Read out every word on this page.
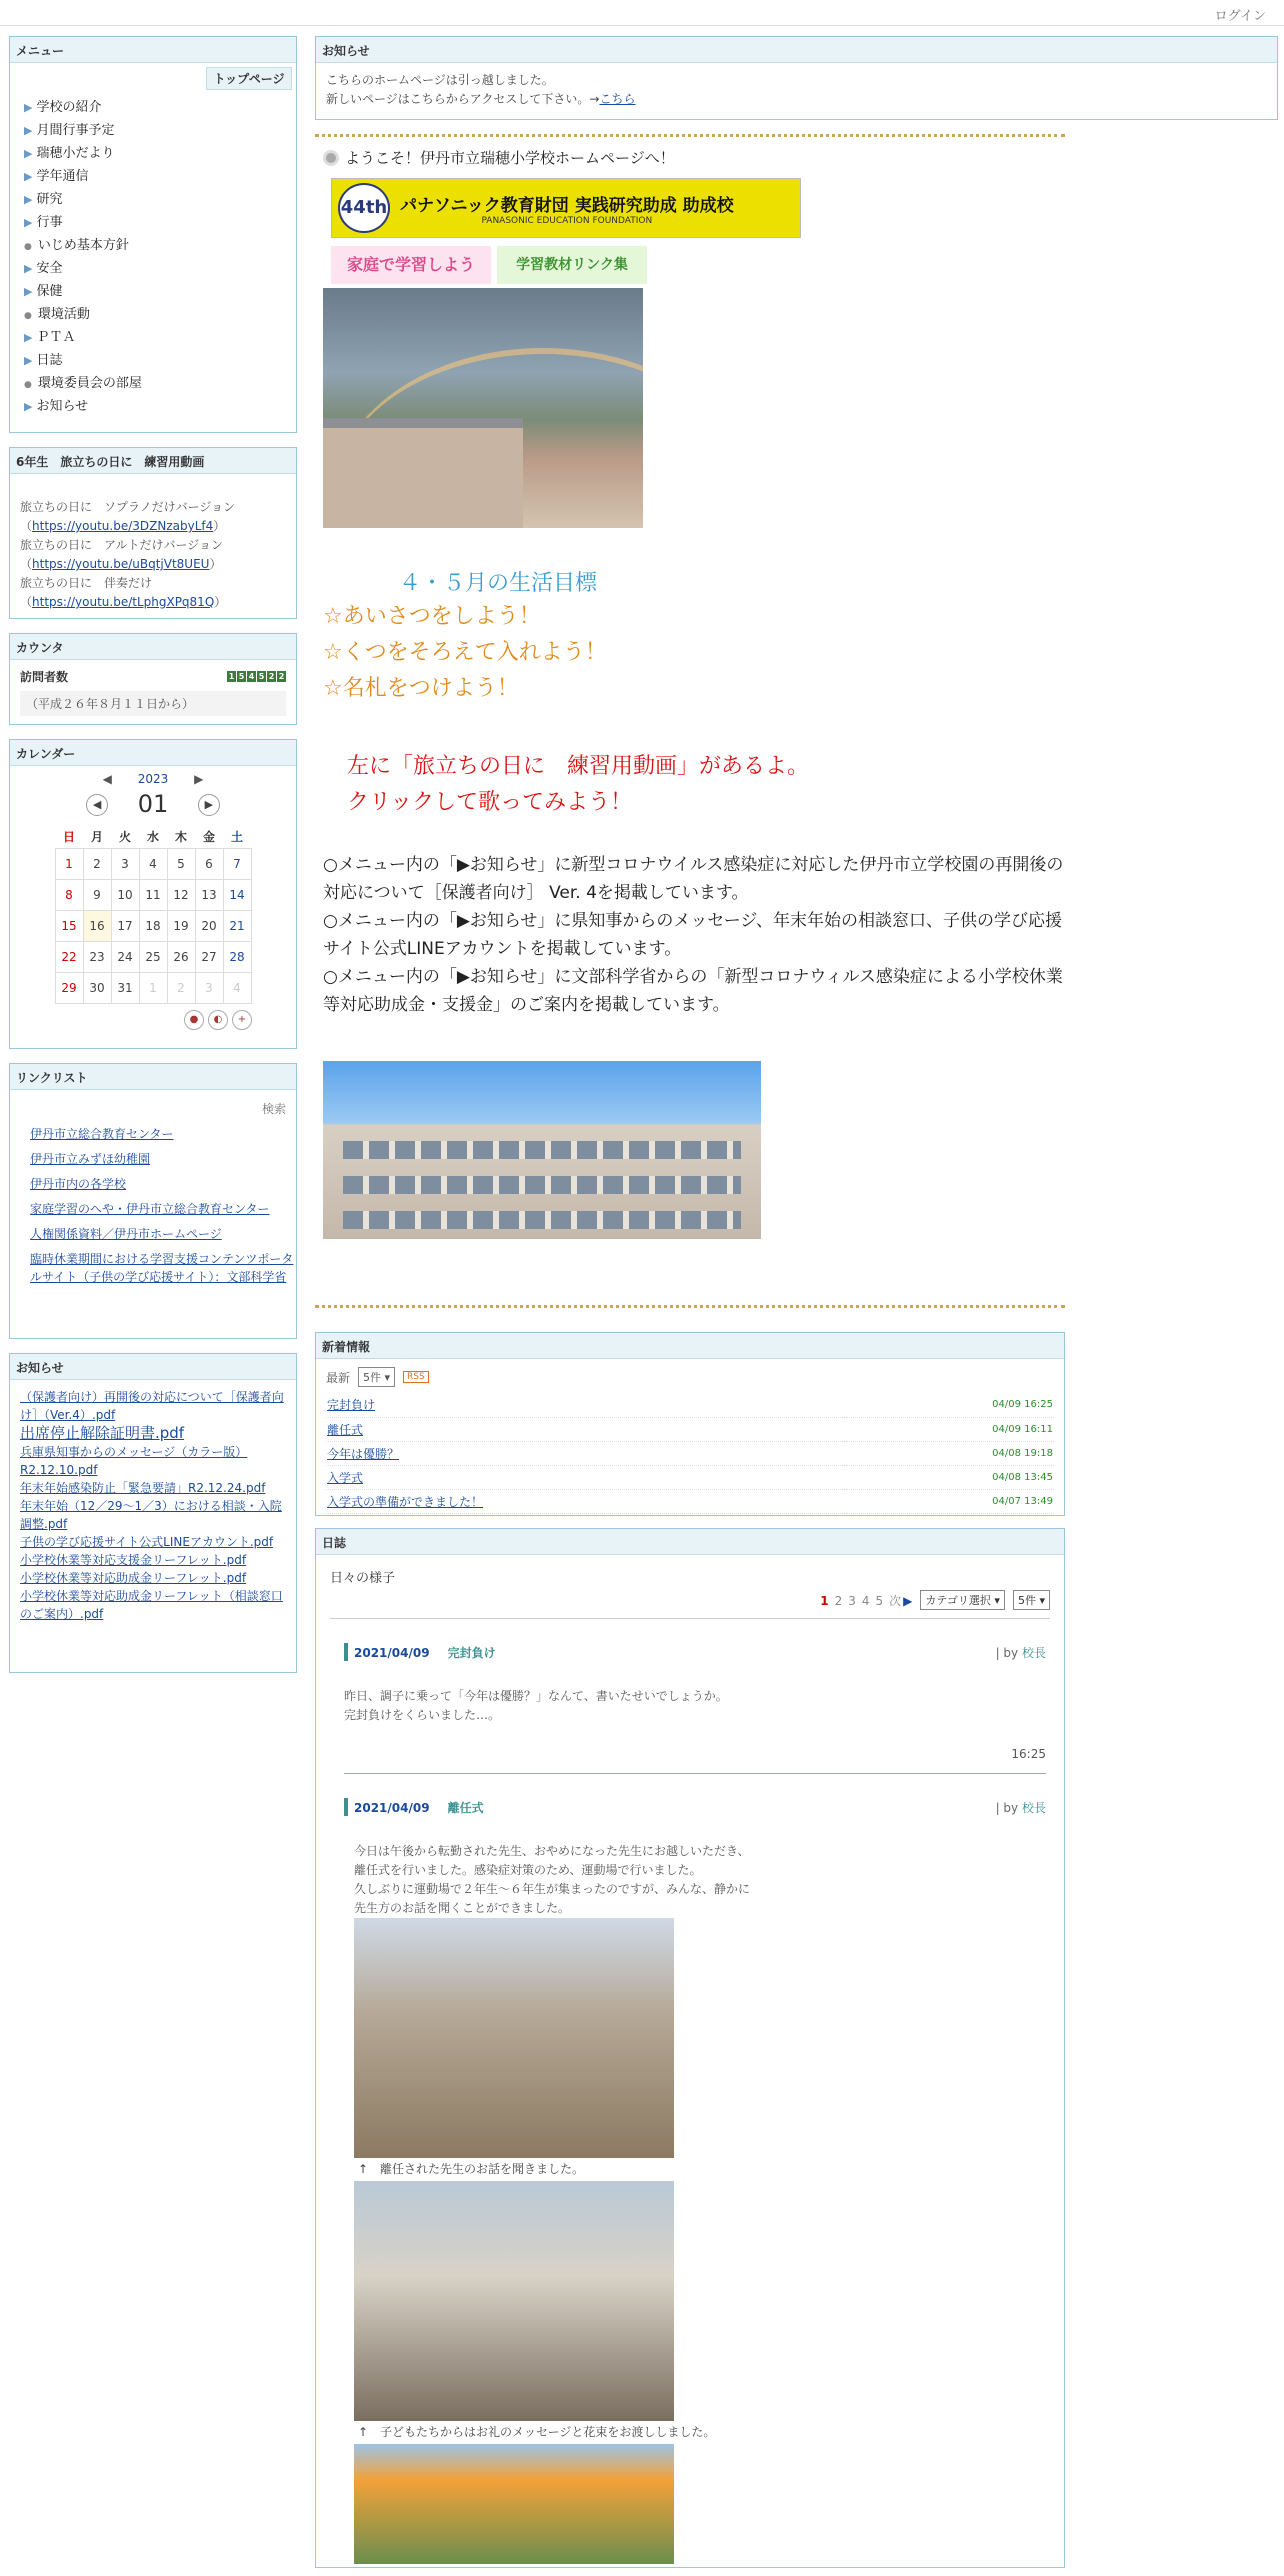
ログイン
メニュー
トップページ
▶ 学校の紹介
▶ 月間行事予定
▶ 瑞穂小だより
▶ 学年通信
▶ 研究
▶ 行事
● いじめ基本方針
▶ 安全
▶ 保健
● 環境活動
▶ ＰＴＡ
▶ 日誌
● 環境委員会の部屋
▶ お知らせ
6年生　旅立ちの日に　練習用動画
旅立ちの日に　ソプラノだけバージョン
（https://youtu.be/3DZNzabyLf4）
旅立ちの日に　アルトだけバージョン
（https://youtu.be/uBqtjVt8UEU）
旅立ちの日に　伴奏だけ
（https://youtu.be/tLphgXPq81Q）
カウンタ
訪問者数	1 5 4 5 2 2
（平成２６年８月１１日から）
カレンダー
◀ 2023 ▶
◀ 01	▶
日	月	火	水	木	金	土
1	2	3	4	5	6	7
8	9	10	11	12	13	14
15	16	17	18	19	20	21
22	23	24	25	26	27	28
29	30	31	1	2	3	4
● ◐ +
リンクリスト
検索
伊丹市立総合教育センター
伊丹市立みずほ幼稚園
伊丹市内の各学校
家庭学習のへや・伊丹市立総合教育センター
人権関係資料／伊丹市ホームページ
臨時休業期間における学習支援コンテンツポータルサイト（子供の学び応援サイト）：文部科学省
お知らせ
（保護者向け）再開後の対応について［保護者向け］（Ver.4）.pdf
出席停止解除証明書.pdf
兵庫県知事からのメッセージ（カラー版）R2.12.10.pdf
年末年始感染防止「緊急要請」R2.12.24.pdf
年末年始（12／29～1／3）における相談・入院調整.pdf
子供の学び応援サイト公式LINEアカウント.pdf
小学校休業等対応支援金リーフレット.pdf
小学校休業等対応助成金リーフレット.pdf
小学校休業等対応助成金リーフレット（相談窓口のご案内）.pdf
お知らせ
こちらのホームページは引っ越しました。
新しいページはこちらからアクセスして下さい。→こちら
ようこそ！伊丹市立瑞穂小学校ホームページへ！
44th パナソニック教育財団 実践研究助成 助成校
PANASONIC EDUCATION FOUNDATION
家庭で学習しよう	学習教材リンク集
４・５月の生活目標
☆あいさつをしよう！
☆くつをそろえて入れよう！
☆名札をつけよう！
左に「旅立ちの日に　練習用動画」があるよ。
クリックして歌ってみよう！
○メニュー内の「▶お知らせ」に新型コロナウイルス感染症に対応した伊丹市立学校園の再開後の対応について［保護者向け］ Ver. 4を掲載しています。
○メニュー内の「▶お知らせ」に県知事からのメッセージ、年末年始の相談窓口、子供の学び応援サイト公式LINEアカウントを掲載しています。
○メニュー内の「▶お知らせ」に文部科学省からの「新型コロナウィルス感染症による小学校休業等対応助成金・支援金」のご案内を掲載しています。
新着情報
最新	5件 ▾	RSS
完封負け	04/09 16:25
離任式	04/09 16:11
今年は優勝？	04/08 19:18
入学式	04/08 13:45
入学式の準備ができました！	04/07 13:49
日誌
日々の様子
1 2 3 4 5 次 ▶	カテゴリ選択 ▾	5件 ▾
2021/04/09 完封負け	| by 校長
昨日、調子に乗って「今年は優勝？」なんて、書いたせいでしょうか。
完封負けをくらいました…。
16:25
2021/04/09 離任式	| by 校長
今日は午後から転勤された先生、おやめになった先生にお越しいただき、
離任式を行いました。感染症対策のため、運動場で行いました。
久しぶりに運動場で２年生～６年生が集まったのですが、みんな、静かに
先生方のお話を聞くことができました。
↑　離任された先生のお話を聞きました。
↑　子どもたちからはお礼のメッセージと花束をお渡ししました。
